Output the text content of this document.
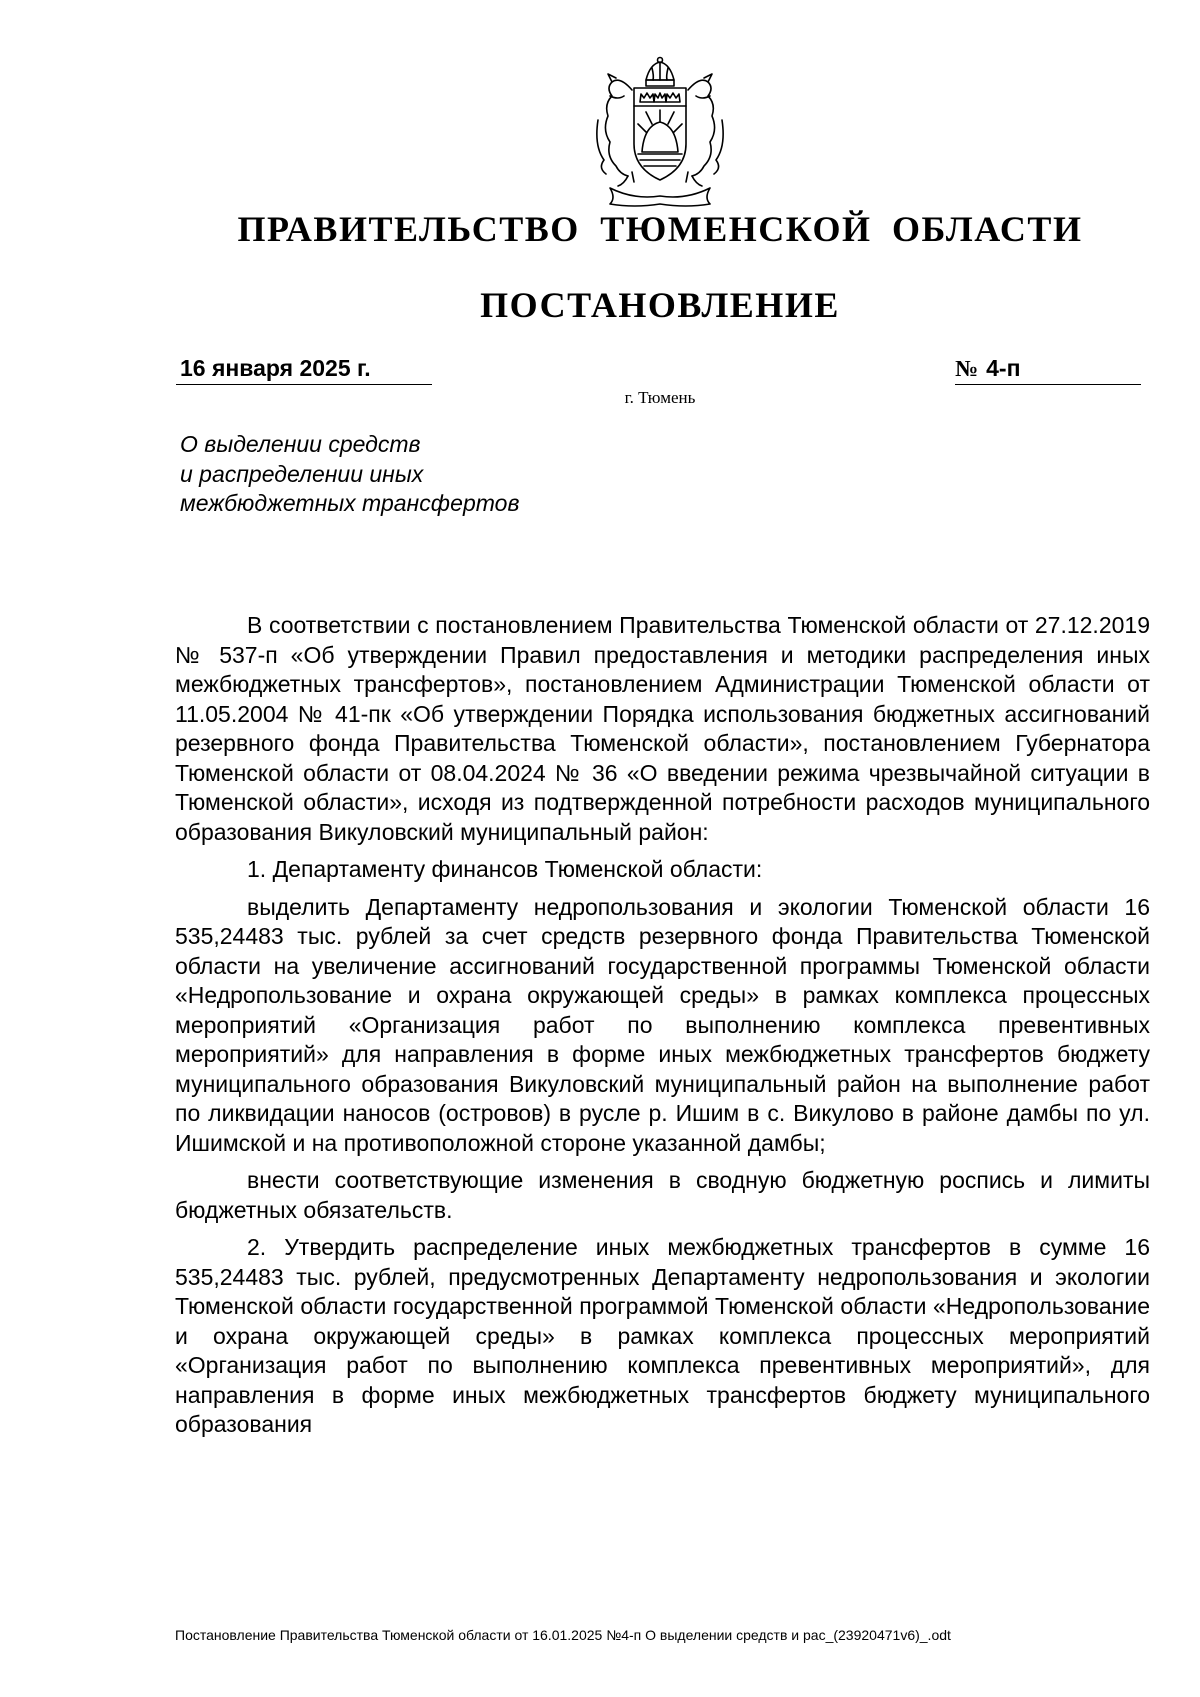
ПРАВИТЕЛЬСТВО ТЮМЕНСКОЙ ОБЛАСТИ
ПОСТАНОВЛЕНИЕ
16 января 2025 г.	№ 4-п
г. Тюмень
О выделении средств
и распределении иных
межбюджетных трансфертов

В соответствии с постановлением Правительства Тюменской области от 27.12.2019 № 537-п «Об утверждении Правил предоставления и методики распределения иных межбюджетных трансфертов», постановлением Администрации Тюменской области от 11.05.2004 № 41-пк «Об утверждении Порядка использования бюджетных ассигнований резервного фонда Правительства Тюменской области», постановлением Губернатора Тюменской области от 08.04.2024 № 36 «О введении режима чрезвычайной ситуации в Тюменской области», исходя из подтвержденной потребности расходов муниципального образования Викуловский муниципальный район:

1. Департаменту финансов Тюменской области:

выделить Департаменту недропользования и экологии Тюменской области 16 535,24483 тыс. рублей за счет средств резервного фонда Правительства Тюменской области на увеличение ассигнований государственной программы Тюменской области «Недропользование и охрана окружающей среды» в рамках комплекса процессных мероприятий «Организация работ по выполнению комплекса превентивных мероприятий» для направления в форме иных межбюджетных трансфертов бюджету муниципального образования Викуловский муниципальный район на выполнение работ по ликвидации наносов (островов) в русле р. Ишим в с. Викулово в районе дамбы по ул. Ишимской и на противоположной стороне указанной дамбы;

внести соответствующие изменения в сводную бюджетную роспись и лимиты бюджетных обязательств.

2. Утвердить распределение иных межбюджетных трансфертов в сумме 16 535,24483 тыс. рублей, предусмотренных Департаменту недропользования и экологии Тюменской области государственной программой Тюменской области «Недропользование и охрана окружающей среды» в рамках комплекса процессных мероприятий «Организация работ по выполнению комплекса превентивных мероприятий», для направления в форме иных межбюджетных трансфертов бюджету муниципального образования

Постановление Правительства Тюменской области от 16.01.2025 №4-п О выделении средств и рас_(23920471v6)_.odt
